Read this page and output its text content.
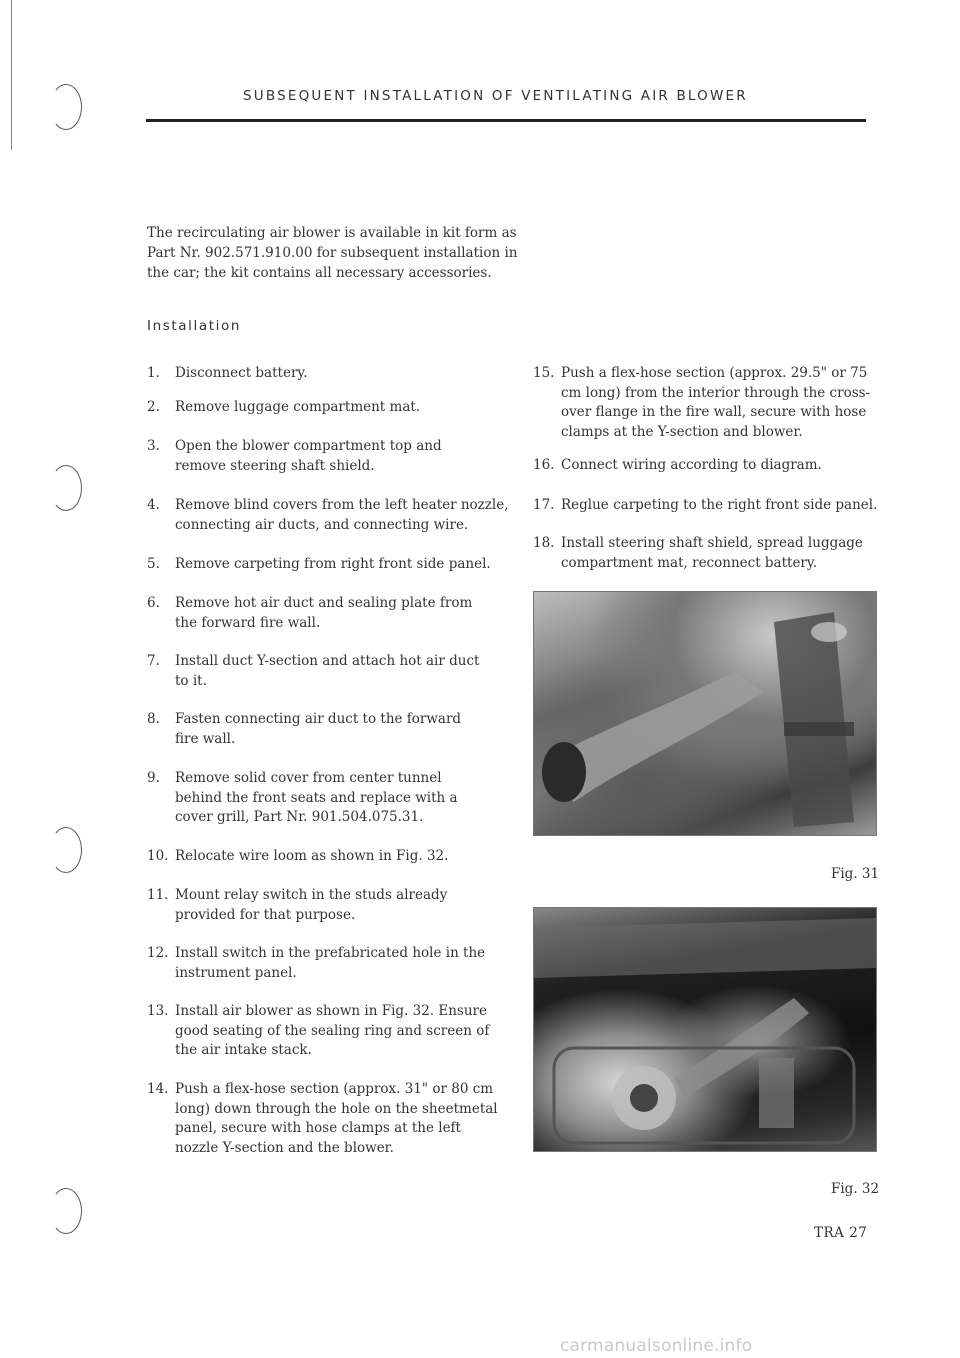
SUBSEQUENT INSTALLATION OF VENTILATING AIR BLOWER

The recirculating air blower is available in kit form as Part Nr. 902.571.910.00 for subsequent installation in the car; the kit contains all necessary accessories.

Installation
1.	Disconnect battery.
2.	Remove luggage compartment mat.
3.	Open the blower compartment top and remove steering shaft shield.
4.	Remove blind covers from the left heater nozzle, connecting air ducts, and connecting wire.
5.	Remove carpeting from right front side panel.
6.	Remove hot air duct and sealing plate from the forward fire wall.
7.	Install duct Y-section and attach hot air duct to it.
8.	Fasten connecting air duct to the forward fire wall.
9.	Remove solid cover from center tunnel behind the front seats and replace with a cover grill, Part Nr. 901.504.075.31.
10. Relocate wire loom as shown in Fig. 32.
11. Mount relay switch in the studs already provided for that purpose.
12. Install switch in the prefabricated hole in the instrument panel.
13. Install air blower as shown in Fig. 32. Ensure good seating of the sealing ring and screen of the air intake stack.
14. Push a flex-hose section (approx. 31" or 80 cm long) down through the hole on the sheetmetal panel, secure with hose clamps at the left nozzle Y-section and the blower.
15. Push a flex-hose section (approx. 29.5" or 75 cm long) from the interior through the cross-over flange in the fire wall, secure with hose clamps at the Y-section and blower.
16. Connect wiring according to diagram.
17. Reglue carpeting to the right front side panel.
18. Install steering shaft shield, spread luggage compartment mat, reconnect battery.
Fig. 31
Fig. 32
TRA 27
carmanualsonline.info
